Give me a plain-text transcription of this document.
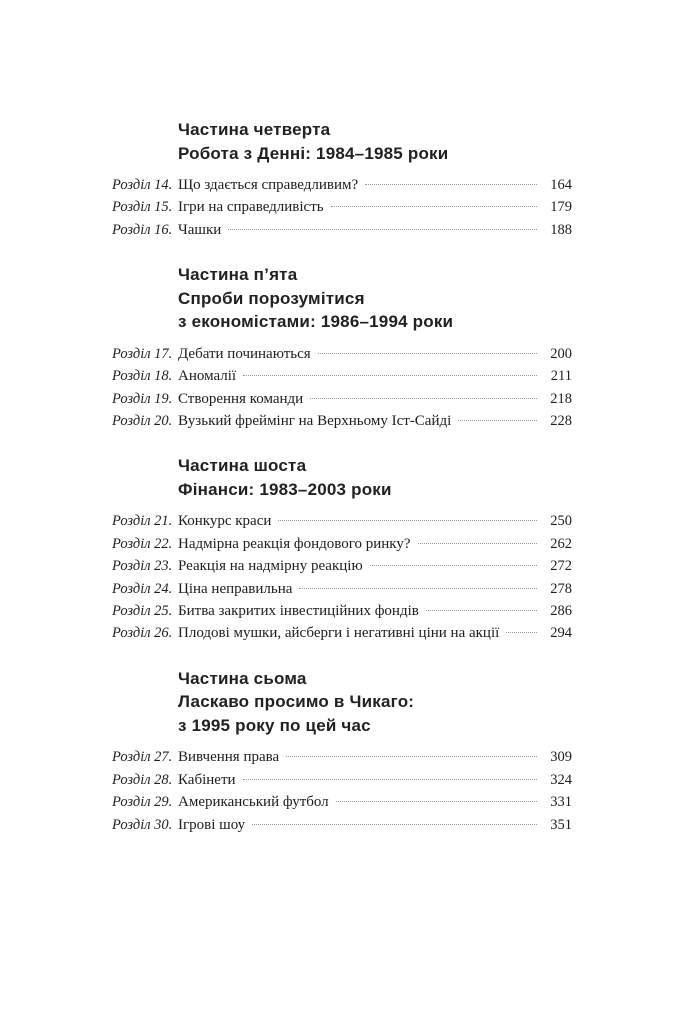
Частина четверта
Робота з Денні: 1984–1985 роки
Розділ 14. Що здається справедливим?	164
Розділ 15. Ігри на справедливість	179
Розділ 16. Чашки	188
Частина п’ята
Спроби порозумітися
з економістами: 1986–1994 роки
Розділ 17. Дебати починаються	200
Розділ 18. Аномалії	211
Розділ 19. Створення команди	218
Розділ 20. Вузький фреймінг на Верхньому Іст-Сайді	228
Частина шоста
Фінанси: 1983–2003 роки
Розділ 21. Конкурс краси	250
Розділ 22. Надмірна реакція фондового ринку?	262
Розділ 23. Реакція на надмірну реакцію	272
Розділ 24. Ціна неправильна	278
Розділ 25. Битва закритих інвестиційних фондів	286
Розділ 26. Плодові мушки, айсберги і негативні ціни на акції	294
Частина сьома
Ласкаво просимо в Чикаго:
з 1995 року по цей час
Розділ 27. Вивчення права	309
Розділ 28. Кабінети	324
Розділ 29. Американський футбол	331
Розділ 30. Ігрові шоу	351
